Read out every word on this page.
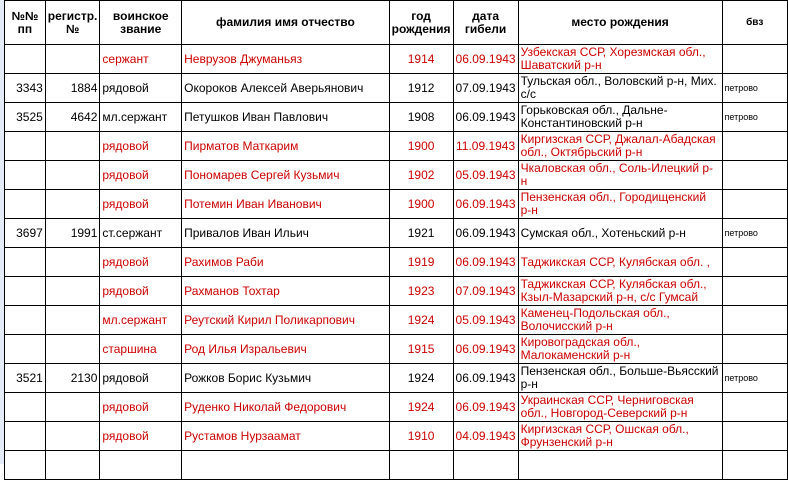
№№ пп	регистр. №	воинское звание	фамилия имя отчество	год рождения	дата гибели	место рождения	бвз
		сержант	Неврузов Джуманьяз	1914	06.09.1943	Узбекская ССР, Хорезмская обл., Шаватский р-н	
3343	1884	рядовой	Окороков Алексей Аверьянович	1912	07.09.1943	Тульская обл., Воловский р-н, Мих. с/с	петрово
3525	4642	мл.сержант	Петушков Иван Павлович	1908	06.09.1943	Горьковская обл., Дальне-Константиновский р-н	петрово
		рядовой	Пирматов Маткарим	1900	11.09.1943	Киргизская ССР, Джалал-Абадская обл., Октябрьский р-н	
		рядовой	Пономарев Сергей Кузьмич	1902	05.09.1943	Чкаловская обл., Соль-Илецкий р-н	
		рядовой	Потемин Иван Иванович	1900	06.09.1943	Пензенская обл., Городищенский р-н	
3697	1991	ст.сержант	Привалов Иван Ильич	1921	06.09.1943	Сумская обл., Хотеньский р-н	петрово
		рядовой	Рахимов Раби	1919	06.09.1943	Таджикская ССР, Кулябская обл. ,	
		рядовой	Рахманов Тохтар	1923	07.09.1943	Таджикская ССР, Кулябская обл., Кзыл-Мазарский р-н, с/с Гумсай	
		мл.сержант	Реутский Кирил Поликарпович	1924	05.09.1943	Каменец-Подольская обл., Волочисский р-н	
		старшина	Род Илья Изральевич	1915	06.09.1943	Кировоградская обл., Малокаменский р-н	
3521	2130	рядовой	Рожков Борис Кузьмич	1924	06.09.1943	Пензенская обл., Больше-Вьясский р-н	петрово
		рядовой	Руденко Николай Федорович	1924	06.09.1943	Украинская ССР, Черниговская обл., Новгород-Северский р-н	
		рядовой	Рустамов Нурзаамат	1910	04.09.1943	Киргизская ССР, Ошская обл., Фрунзенский р-н	
